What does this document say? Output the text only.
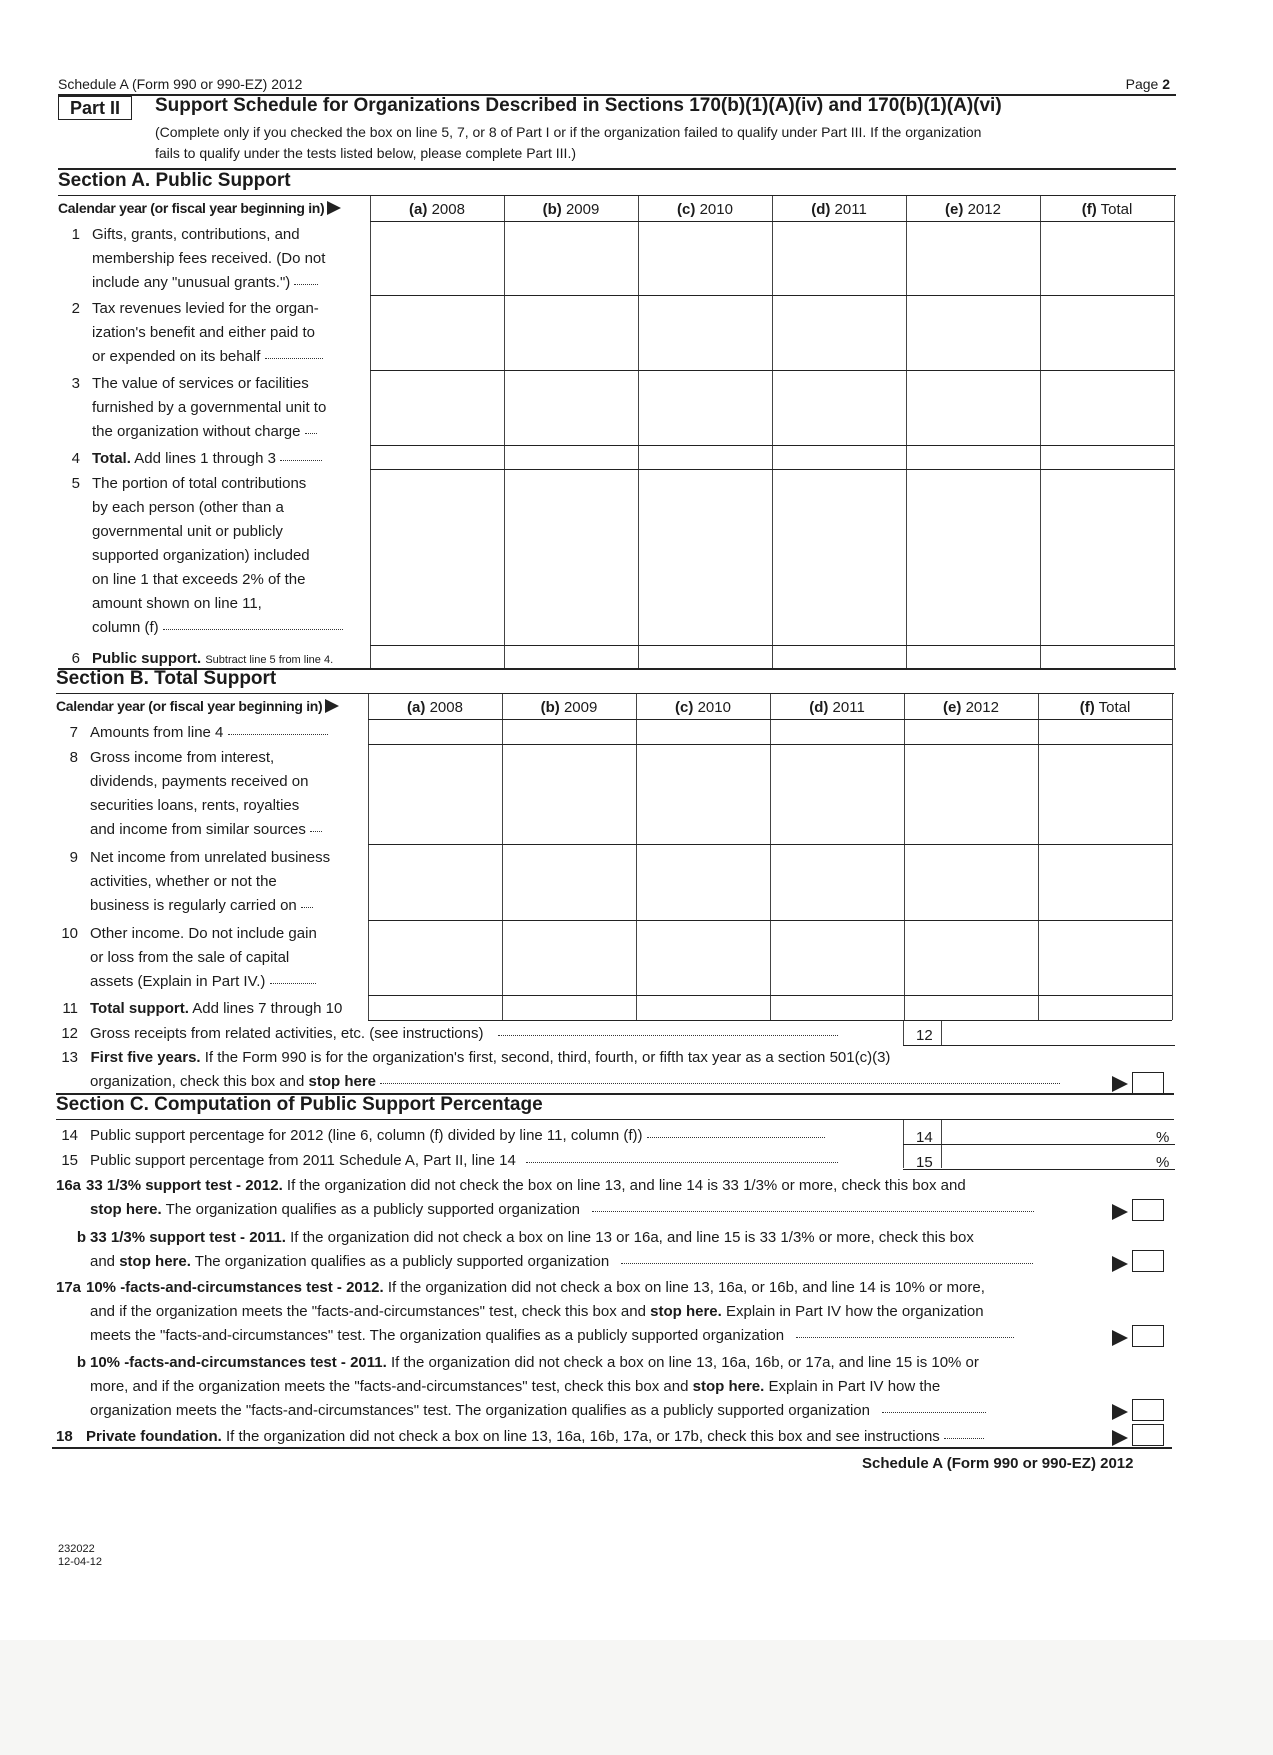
Schedule A (Form 990 or 990-EZ) 2012	Page 2
Part II	Support Schedule for Organizations Described in Sections 170(b)(1)(A)(iv) and 170(b)(1)(A)(vi)
(Complete only if you checked the box on line 5, 7, or 8 of Part I or if the organization failed to qualify under Part III. If the organization
fails to qualify under the tests listed below, please complete Part III.)
Section A. Public Support
Calendar year (or fiscal year beginning in)	(a) 2008	(b) 2009	(c) 2010	(d) 2011	(e) 2012	(f) Total
1 Gifts, grants, contributions, and
membership fees received. (Do not
include any "unusual grants.")
2 Tax revenues levied for the organ-
ization's benefit and either paid to
or expended on its behalf
3 The value of services or facilities
furnished by a governmental unit to
the organization without charge
4 Total. Add lines 1 through 3
5 The portion of total contributions
by each person (other than a
governmental unit or publicly
supported organization) included
on line 1 that exceeds 2% of the
amount shown on line 11,
column (f)
6 Public support. Subtract line 5 from line 4.
Section B. Total Support
Calendar year (or fiscal year beginning in)	(a) 2008	(b) 2009	(c) 2010	(d) 2011	(e) 2012	(f) Total
7 Amounts from line 4
8 Gross income from interest,
dividends, payments received on
securities loans, rents, royalties
and income from similar sources
9 Net income from unrelated business
activities, whether or not the
business is regularly carried on
10 Other income. Do not include gain
or loss from the sale of capital
assets (Explain in Part IV.)
11 Total support. Add lines 7 through 10
12 Gross receipts from related activities, etc. (see instructions)	12
13 First five years. If the Form 990 is for the organization's first, second, third, fourth, or fifth tax year as a section 501(c)(3)
organization, check this box and stop here
Section C. Computation of Public Support Percentage
14 Public support percentage for 2012 (line 6, column (f) divided by line 11, column (f))	14	%
15 Public support percentage from 2011 Schedule A, Part II, line 14	15	%
16a 33 1/3% support test - 2012. If the organization did not check the box on line 13, and line 14 is 33 1/3% or more, check this box and
stop here. The organization qualifies as a publicly supported organization
b 33 1/3% support test - 2011. If the organization did not check a box on line 13 or 16a, and line 15 is 33 1/3% or more, check this box
and stop here. The organization qualifies as a publicly supported organization
17a 10% -facts-and-circumstances test - 2012. If the organization did not check a box on line 13, 16a, or 16b, and line 14 is 10% or more,
and if the organization meets the "facts-and-circumstances" test, check this box and stop here. Explain in Part IV how the organization
meets the "facts-and-circumstances" test. The organization qualifies as a publicly supported organization
b 10% -facts-and-circumstances test - 2011. If the organization did not check a box on line 13, 16a, 16b, or 17a, and line 15 is 10% or
more, and if the organization meets the "facts-and-circumstances" test, check this box and stop here. Explain in Part IV how the
organization meets the "facts-and-circumstances" test. The organization qualifies as a publicly supported organization
18 Private foundation. If the organization did not check a box on line 13, 16a, 16b, 17a, or 17b, check this box and see instructions
Schedule A (Form 990 or 990-EZ) 2012
232022
12-04-12
